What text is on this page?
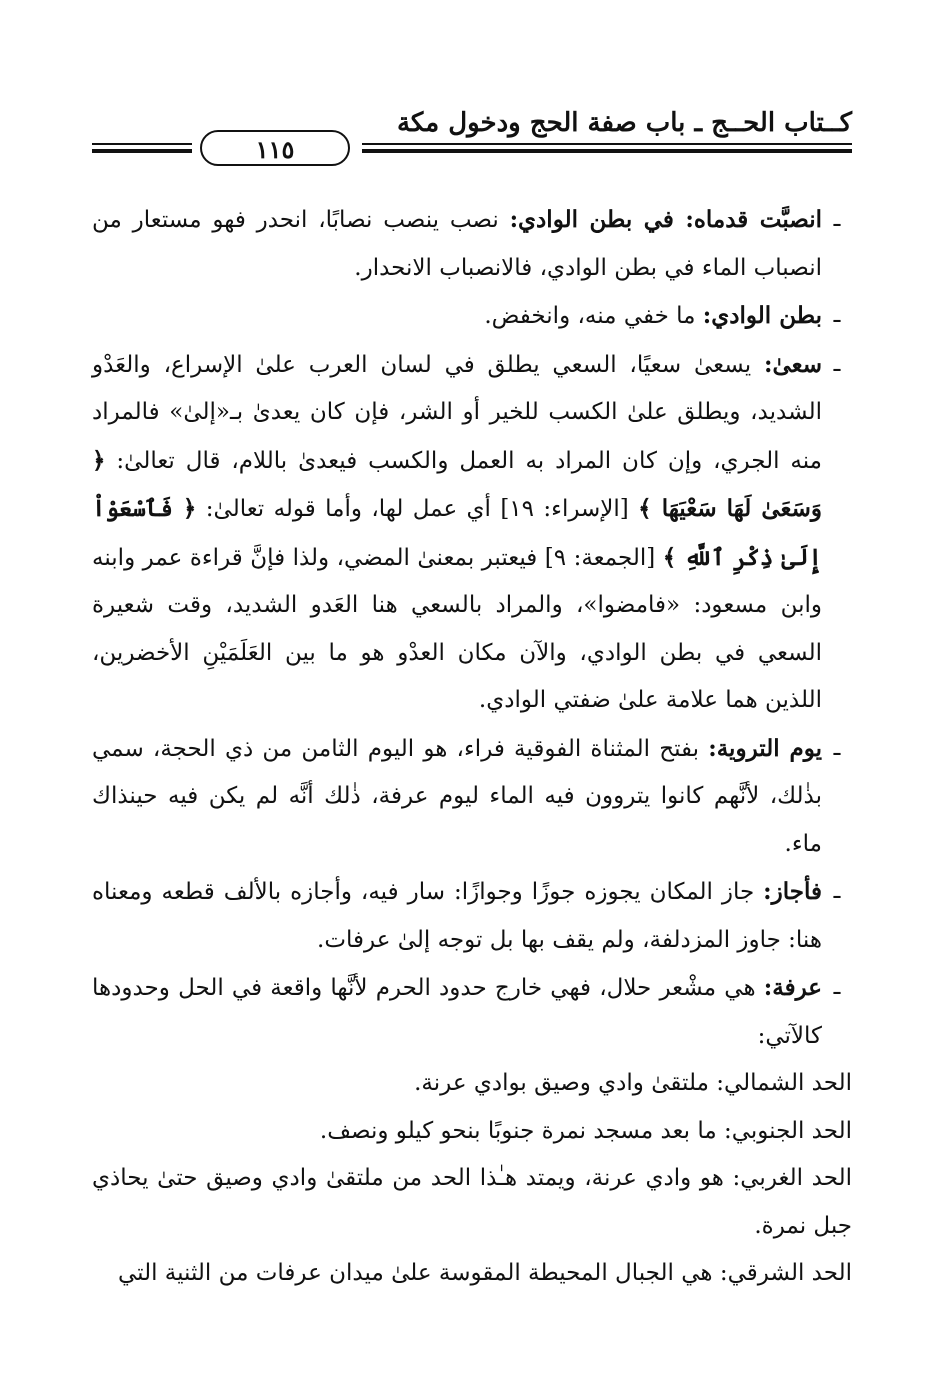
كــتاب الحــج ـ باب صفة الحج ودخول مكة
١١٥

ـ
انصبَّت قدماه: في بطن الوادي: نصب ينصب نصابًا، انحدر فهو مستعار من انصباب الماء في بطن الوادي، فالانصباب الانحدار.

ـ
بطن الوادي: ما خفي منه، وانخفض.

ـ
سعىٰ: يسعىٰ سعيًا، السعي يطلق في لسان العرب علىٰ الإسراع، والعَدْو الشديد، ويطلق علىٰ الكسب للخير أو الشر، فإن كان يعدىٰ بـ«إلىٰ» فالمراد منه الجري، وإن كان المراد به العمل والكسب فيعدىٰ باللام، قال تعالىٰ: ﴿ وَسَعَىٰ لَهَا سَعْيَهَا ﴾ [الإسراء: ١٩] أي عمل لها، وأما قوله تعالىٰ: ﴿ فَٱسْعَوْاْ إِلَىٰ ذِكْرِ ٱللَّهِ ﴾ [الجمعة: ٩] فيعتبر بمعنىٰ المضي، ولذا فإنَّ قراءة عمر وابنه وابن مسعود: «فامضوا»، والمراد بالسعي هنا العَدو الشديد، وقت شعيرة السعي في بطن الوادي، والآن مكان العدْو هو ما بين العَلَمَيْنِ الأخضرين، اللذين هما علامة علىٰ ضفتي الوادي.

ـ
يوم التروية: بفتح المثناة الفوقية فراء، هو اليوم الثامن من ذي الحجة، سمي بذٰلك، لأنَّهم كانوا يتروون فيه الماء ليوم عرفة، ذٰلك أنَّه لم يكن فيه حينذاك ماء.

ـ
فأجاز: جاز المكان يجوزه جوزًا وجوازًا: سار فيه، وأجازه بالألف قطعه ومعناه هنا: جاوز المزدلفة، ولم يقف بها بل توجه إلىٰ عرفات.

ـ
عرفة: هي مشْعر حلال، فهي خارج حدود الحرم لأنَّها واقعة في الحل وحدودها كالآتي:

الحد الشمالي: ملتقىٰ وادي وصيق بوادي عرنة.

الحد الجنوبي: ما بعد مسجد نمرة جنوبًا بنحو كيلو ونصف.

الحد الغربي: هو وادي عرنة، ويمتد هـٰذا الحد من ملتقىٰ وادي وصيق حتىٰ يحاذي جبل نمرة.

الحد الشرقي: هي الجبال المحيطة المقوسة علىٰ ميدان عرفات من الثنية التي
